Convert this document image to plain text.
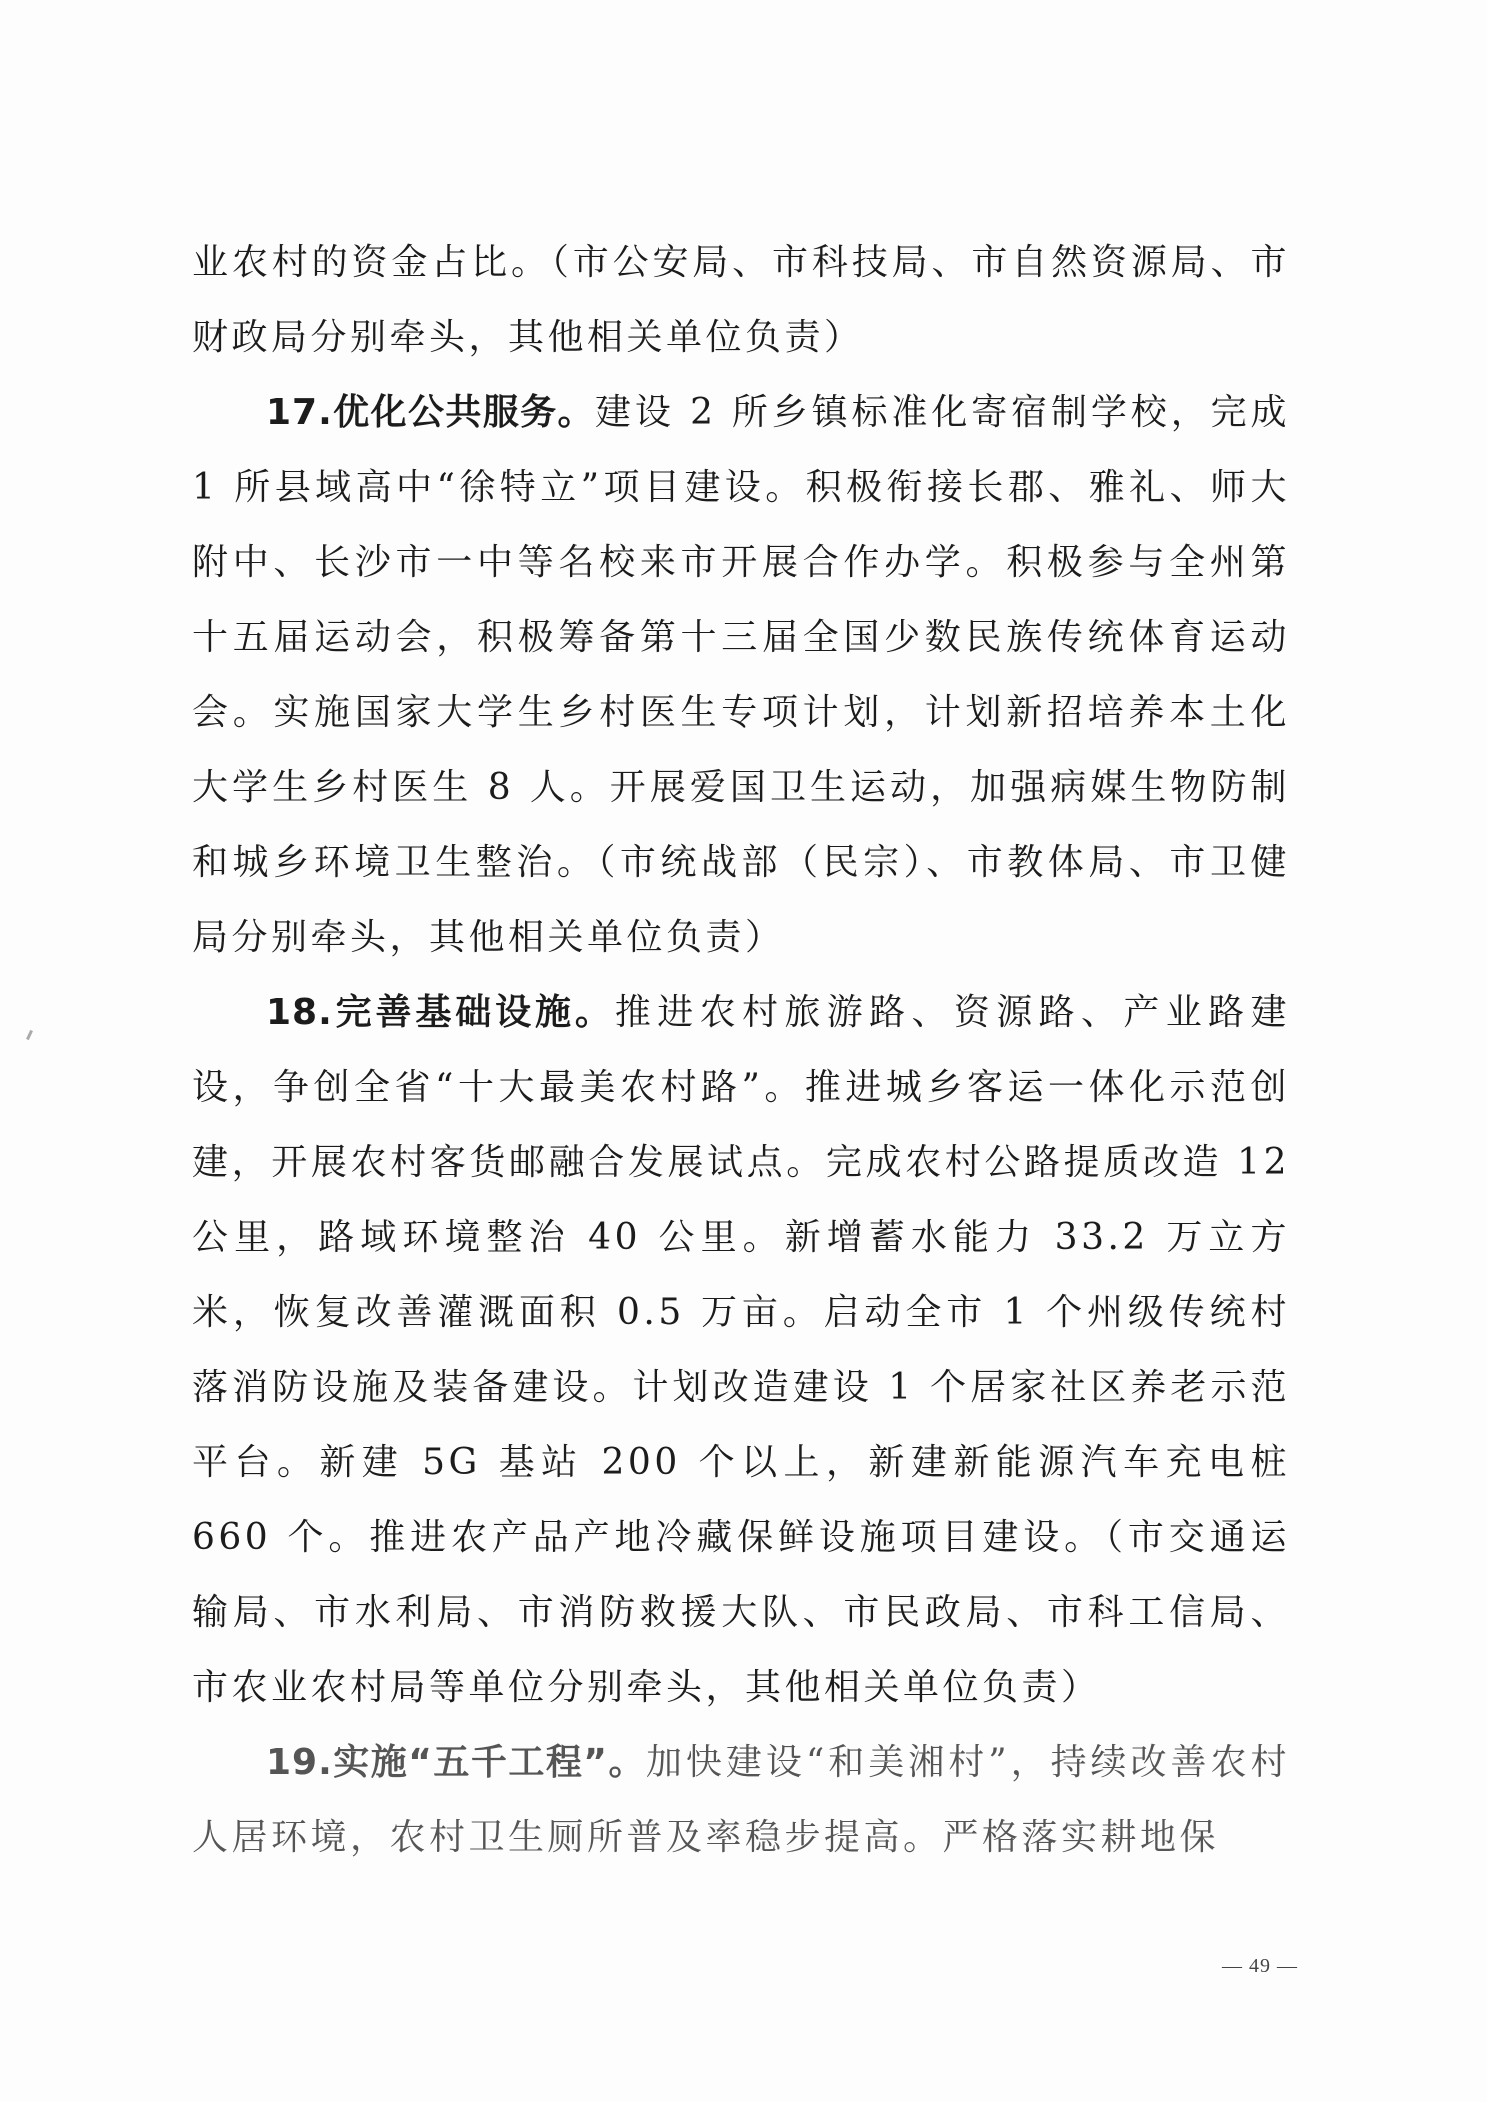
业农村的资金占比。（市公安局、市科技局、市自然资源局、市财政局分别牵头，其他相关单位负责）

17.优化公共服务。建设 2 所乡镇标准化寄宿制学校，完成 1 所县域高中“徐特立”项目建设。积极衔接长郡、雅礼、师大附中、长沙市一中等名校来市开展合作办学。积极参与全州第十五届运动会，积极筹备第十三届全国少数民族传统体育运动会。实施国家大学生乡村医生专项计划，计划新招培养本土化大学生乡村医生 8 人。开展爱国卫生运动，加强病媒生物防制和城乡环境卫生整治。（市统战部（民宗）、市教体局、市卫健局分别牵头，其他相关单位负责）

18.完善基础设施。推进农村旅游路、资源路、产业路建设，争创全省“十大最美农村路”。推进城乡客运一体化示范创建，开展农村客货邮融合发展试点。完成农村公路提质改造 12 公里，路域环境整治 40 公里。新增蓄水能力 33.2 万立方米，恢复改善灌溉面积 0.5 万亩。启动全市 1 个州级传统村落消防设施及装备建设。计划改造建设 1 个居家社区养老示范平台。新建 5G 基站 200 个以上，新建新能源汽车充电桩 660 个。推进农产品产地冷藏保鲜设施项目建设。（市交通运输局、市水利局、市消防救援大队、市民政局、市科工信局、市农业农村局等单位分别牵头，其他相关单位负责）

19.实施“五千工程”。加快建设“和美湘村”，持续改善农村人居环境，农村卫生厕所普及率稳步提高。严格落实耕地保

— 49 —
